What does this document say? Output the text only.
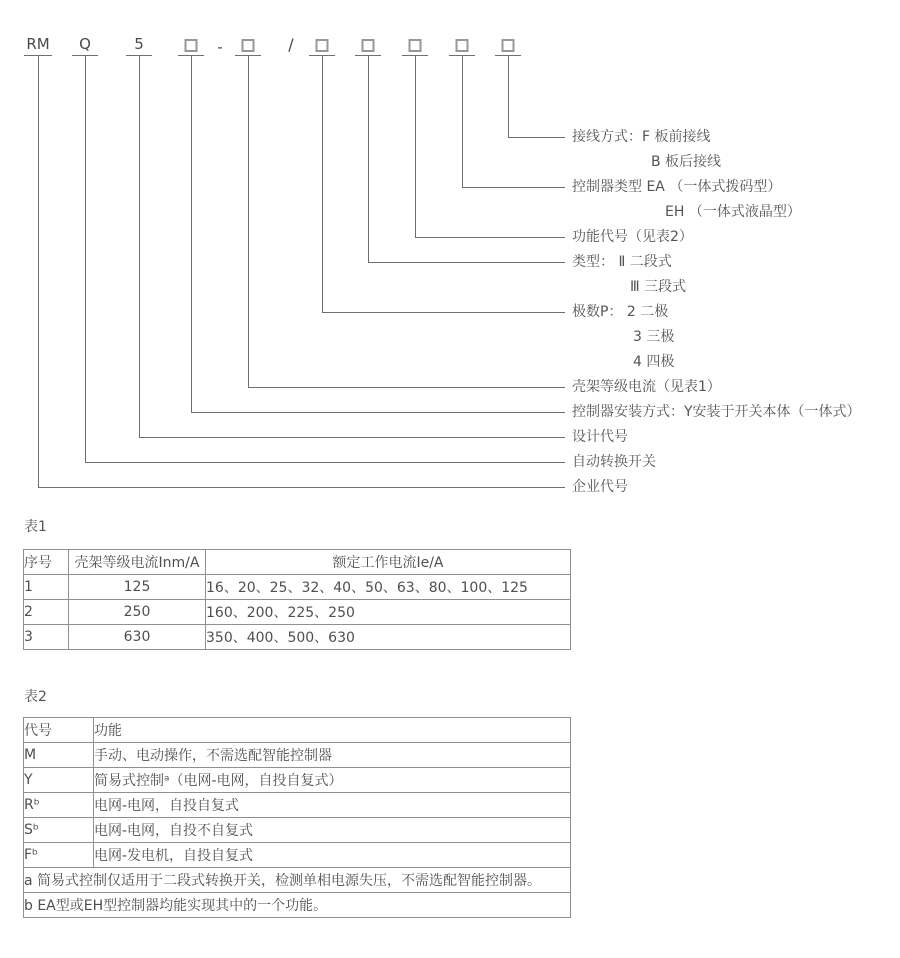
RM Q	5	-	/
接线方式：F 板前接线
B 板后接线
控制器类型 EA （一体式拨码型）
EH （一体式液晶型）
功能代号（见表2）
类型： Ⅱ 二段式
Ⅲ 三段式
极数P： 2 二极
3 三极
4 四极
壳架等级电流（见表1）
控制器安装方式：Y安装于开关本体（一体式）
设计代号
自动转换开关
企业代号
表1
序号	壳架等级电流Inm/A	额定工作电流Ie/A
1	125	16、20、25、32、40、50、63、80、100、125
2	250	160、200、225、250
3	630	350、400、500、630
表2
代号	功能
M	手动、电动操作，不需选配智能控制器
Y	简易式控制ᵃ（电网-电网，自投自复式）
Rᵇ	电网-电网，自投自复式
Sᵇ	电网-电网，自投不自复式
Fᵇ	电网-发电机，自投自复式
a 简易式控制仅适用于二段式转换开关，检测单相电源失压，不需选配智能控制器。	
b EA型或EH型控制器均能实现其中的一个功能。	
